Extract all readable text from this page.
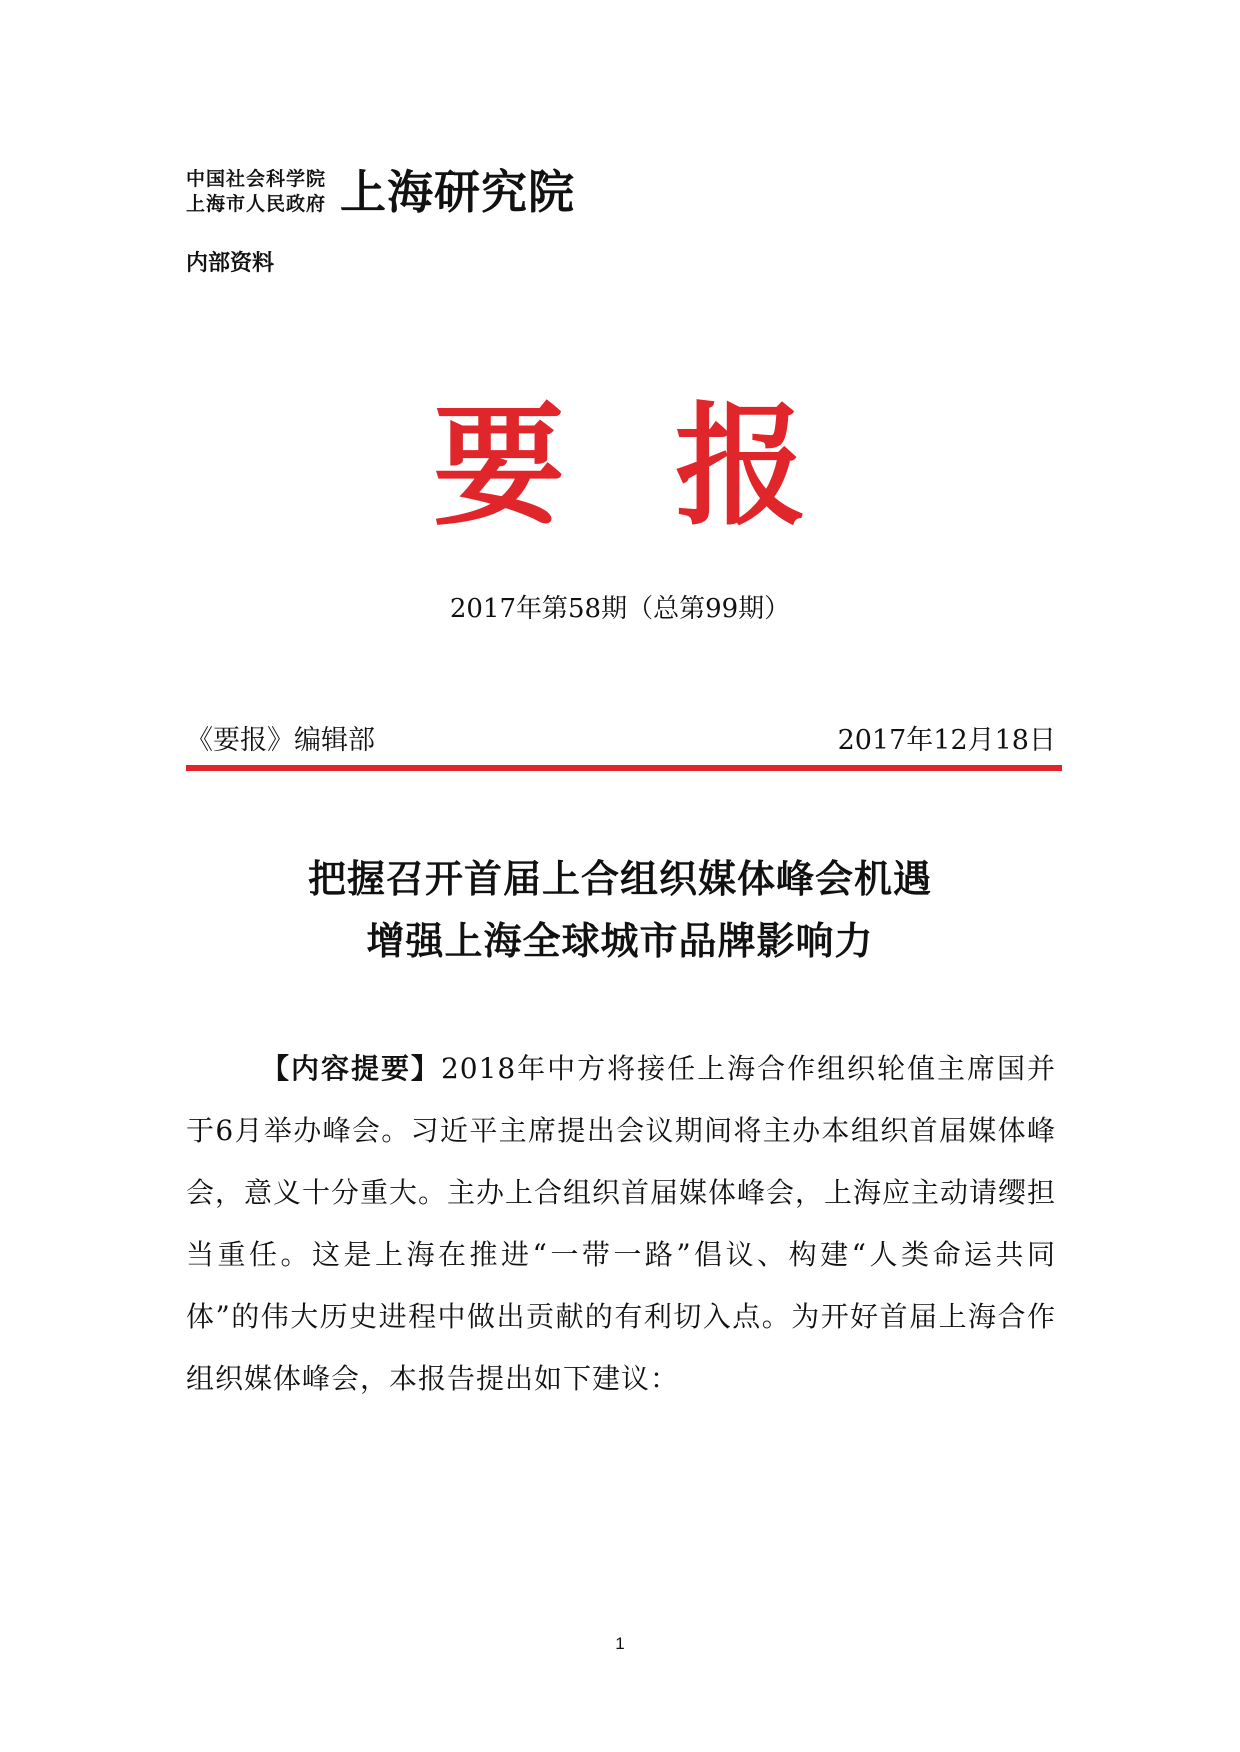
中国社会科学院
上海市人民政府 上海研究院
内部资料
要报
2017年第58期（总第99期）
《要报》编辑部	2017年12月18日
把握召开首届上合组织媒体峰会机遇
增强上海全球城市品牌影响力
【内容提要】2018年中方将接任上海合作组织轮值主席国并于6月举办峰会。习近平主席提出会议期间将主办本组织首届媒体峰会，意义十分重大。主办上合组织首届媒体峰会，上海应主动请缨担当重任。这是上海在推进“一带一路”倡议、构建“人类命运共同体”的伟大历史进程中做出贡献的有利切入点。为开好首届上海合作组织媒体峰会，本报告提出如下建议：
1
